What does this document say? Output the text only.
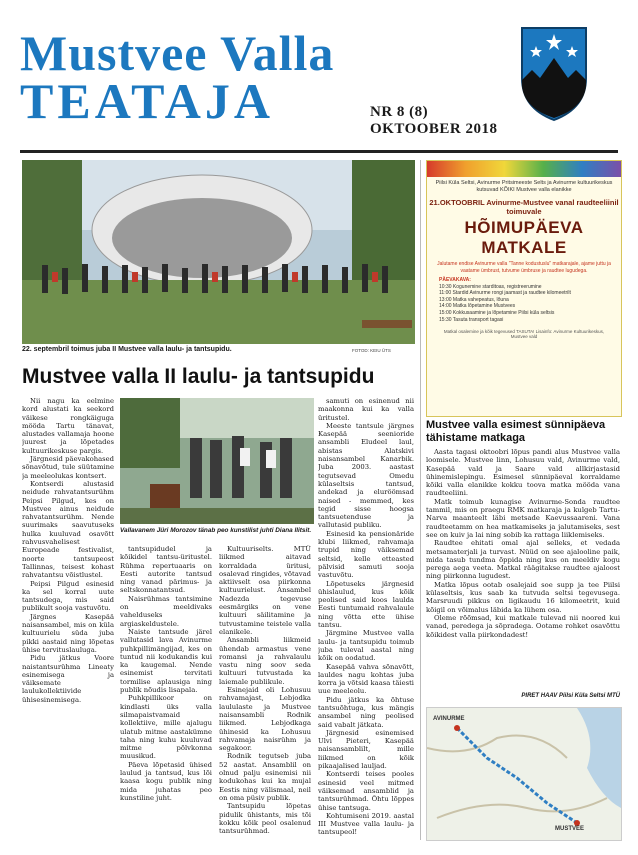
Mustvee Valla
TEATAJA	NR 8 (8)
OKTOOBER 2018
22. septembril toimus juba II Mustvee valla laulu- ja tantsupidu.	FOTOD: KEIU ÜTS
Piilsi Küla Seltsi, Avinurme Pritsimeeste Selts ja Avinurme kultuurikeskus kutsuvad KÕIKI Mustvee valla elanikke
21.OKTOOBRIL Avinurme-Mustvee vanal raudteeliinil toimuvale
HÕIMUPÄEVA MATKALE
Jalutame endise Avinurme valla "Tanne kodustuslu" matkarajale, ajame juttu ja vaatame ümbrust, tutvume ümbruse ja raudtee lugudega.
PÄEVAKAVA:
10:30 Kogunemine starditoas, registreerumine
11:00 Stardid Avinurme rongi jaamast ja raudtee kilomeetrilt
13:00 Matka vahepeatus, lõuna
14:00 Matka lõpetamine Mustvees
15:00 Kokkusaamine ja lõpetamine Piilsi küla seltsis
15:30 Tasuta transport tagasi
Matkal osalemine ja kõik tegevused TASUTA! Lisainfo: Avinurme Kultuurikeskus, Mustvee vald
Mustvee valla II laulu- ja tantsupidu

Nii nagu ka eelmine kord alustati ka seekord väikese rongkäiguga mööda Tartu tänavat, alustades vallamaja hoone juurest ja lõpetades kultuurikeskuse pargis.

Järgnesid päevakohased sõnavõtud, tule süütamine ja meeleolukas kontsert.

Kontserdi alustasid neidude rahvatantsurühm Peipsi Pilgud, kes on Mustvee ainus neidude rahvatantsurühm. Nende suurimaks saavutuseks hulka kuuluvad osavõtt rahvusvahelisest Europeade festivalist, noorte tantsupeost Tallinnas, teisest kohast rahvatantsu võistlustel.

Peipsi Pilgud esinesid ka sel korral uute tantsudega, mis said publikult sooja vastuvõtu.

Järgnes Kasepää naisansambel, mis on küla kultuurielu süda juba pikki aastaid ning lõpetas ühise tervituslauluga.

Pidu jätkus Voore naistantsurühma Lineaty esinemisega ja väiksemate laulukollektiivide ühisesinemisega.

Vallavanem Jüri Morozov tänab peo kunstilist juhti Diana Ilitsit.

tantsupidudel ja kõikidel tantsu-üritustel. Rühma repertuaaris on Eesti autorite tantsud ning vanad pärimus- ja seltskonnatantsud.

Naisrühmas tantsimine on meeldivaks vahelduseks argiaskeldustele.

Naiste tantsude järel vallutasid lava Avinurme puhkpillimängijad, kes on tuntud nii kodukandis kui ka kaugemal. Nende esinemist tervitati tormilise aplausiga ning publik nõudis lisapala.

Puhkpillikoor on kindlasti üks valla silmapaistvamaid kollektiive, mille ajalugu ulatub mitme aastakümne taha ning kuhu kuuluvad mitme põlvkonna muusikud.

Päeva lõpetasid ühised laulud ja tantsud, kus lõi kaasa kogu publik ning mida juhatas peo kunstiline juht.

Kultuuriselts. MTÜ liikmed aitavad korraldada üritusi, osalevad ringides, võtavad aktiivselt osa piirkonna kultuurielust. Ansambel Nadezda tegevuse eesmärgiks on vene kultuuri säilitamine ja tutvustamine teistele valla elanikele.

Ansambli liikmeid ühendab armastus vene romansi ja rahvalaulu vastu ning soov seda kultuuri tutvustada ka laiemale publikule.

Esinejaid oli Lohusuu rahvamajast, Lebjodka laululaste ja Mustvee naisansambli Rodnik liikmed. Lebjodkaga ühinesid ka Lohusuu rahvamaja naisrühm ja segakoor.

Rodnik tegutseb juba 52 aastat. Ansamblil on olnud palju esinemisi nii kodukohas kui ka mujal Eestis ning välismaal, neil on oma püsiv publik.

Tantsupidu lõpetas pidulik ühistants, mis tõi kokku kõik peol osalenud tantsurühmad.

samuti on esinenud nii maakonna kui ka valla üritustel.

Meeste tantsule järgnes Kasepää seenioride ansambli Eludeel laul, abistas Alatskivi naisansambel Kanarbik. Juba 2003. aastast tegutsevad Omedu külaseltsis tantsud, andekad ja eluröömsad naised - memmed, kes tegid sisse hoogsa tantsuetenduse ja vallutasid publiku.

Esinesid ka pensionäride klubi liikmed, rahvamaja trupid ning väiksemad seltsid, kelle etteasted pälvisid samuti sooja vastuvõtu.

Lõpetuseks järgnesid ühislaulud, kus kõik peolised said koos laulda Eesti tuntumaid rahvalaule ning võtta ette ühise tantsu.

Järgmine Mustvee valla laulu- ja tantsupidu toimub juba tuleval aastal ning kõik on oodatud.

Kasepää vahva sõnavõtt, lauldes nagu kohtas juba korra ja võtsid kaasa täiesti uue meeleolu.

Pidu jätkus ka õhtuse tantsuõhtuga, kus mängis ansambel ning peolised said vabalt jätkata.

Järgnesid esinemised Ulvi Pieteri, Kasepää naisansamblilt, mille liikmed on kõik pikaajalised lauljad.

Kontserdi teises pooles esinesid veel mitmed väiksemad ansamblid ja tantsurühmad. Õhtu lõppes ühise tantsuga.

Kohtumiseni 2019. aastal III Mustvee valla laulu- ja tantsupeol!

Mustvee valla esimest sünnipäeva tähistame matkaga

Aasta tagasi oktoobri lõpus pandi alus Mustvee valla loomisele. Mustvee linn, Lohusuu vald, Avinurme vald, Kasepää vald ja Saare vald allkirjastasid ühinemislepingu. Esimesel sünnipäeval korraldame kõiki valla elanikke kokku toova matka mööda vana raudteeliini.

Matk toimub kunagise Avinurme-Sonda raudtee tammil, mis on praegu RMK matkaraja ja kulgeb Tartu-Narva maanteelt läbi metsade Kaevussaareni. Vana raudteetamm on hea matkamiseks ja jalutamiseks, sest see on kuiv ja lai ning sobib ka rattaga liiklemiseks.

Raudtee ehitati omal ajal selleks, et vedada metsamaterjali ja turvast. Nüüd on see ajalooline paik, mida tasub tundma õppida ning kus on meeldiv kogu perega aega veeta. Matkal räägitakse raudtee ajaloost ning piirkonna lugudest.

Matka lõpus ootab osalejaid soe supp ja tee Piilsi külaseltsis, kus saab ka tutvuda seltsi tegevusega. Marsruudi pikkus on ligikaudu 16 kilomeetrit, kuid kõigil on võimalus läbida ka lühem osa.

Oleme rõõmsad, kui matkale tulevad nii noored kui vanad, peredega ja sõpradega. Ootame rohket osavõttu kõikidest valla piirkondadest!

PIRET HAAV Piilsi Küla Seltsi MTÜ
AVINURME
MUSTVEE
